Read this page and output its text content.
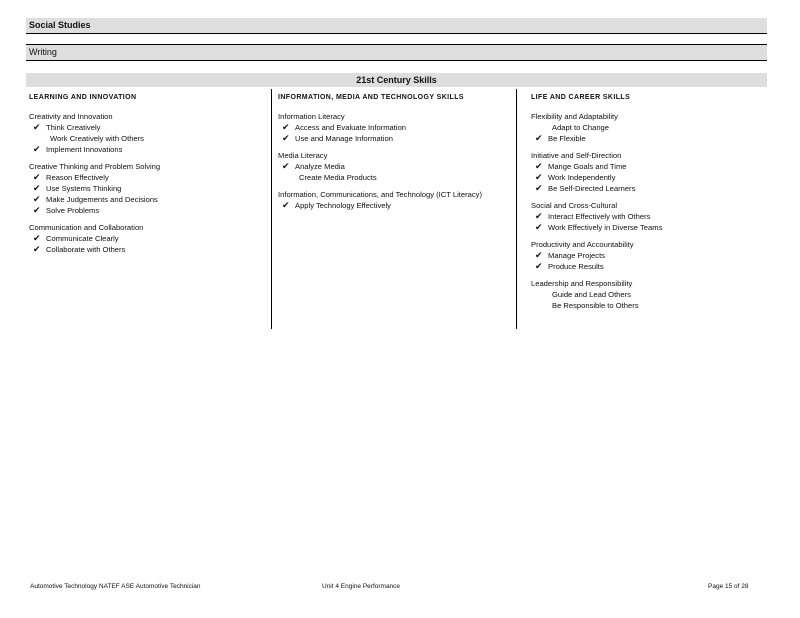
Social Studies
Writing
21st Century Skills
LEARNING AND INNOVATION
Creativity and Innovation
✔ Think Creatively
Work Creatively with Others
✔ Implement Innovations
Creative Thinking and Problem Solving
✔ Reason Effectively
✔ Use Systems Thinking
✔ Make Judgements and Decisions
✔ Solve Problems
Communication and Collaboration
✔ Communicate Clearly
✔ Collaborate with Others
INFORMATION, MEDIA AND TECHNOLOGY SKILLS
Information Literacy
✔ Access and Evaluate Information
✔ Use and Manage Information
Media Literacy
✔ Analyze Media
Create Media Products
Information, Communications, and Technology (ICT Literacy)
✔ Apply Technology Effectively
LIFE AND CAREER SKILLS
Flexibility and Adaptability
Adapt to Change
✔ Be Flexible
Initiative and Self-Direction
✔ Mange Goals and Time
✔ Work Independently
✔ Be Self-Directed Learners
Social and Cross-Cultural
✔ Interact Effectively with Others
✔ Work Effectively in Diverse Teams
Productivity and Accountability
✔ Manage Projects
✔ Produce Results
Leadership and Responsibility
Guide and Lead Others
Be Responsible to Others
Automotive Technology NATEF ASE Automotive Technician	Unit 4 Engine Performance	Page 15 of 28
